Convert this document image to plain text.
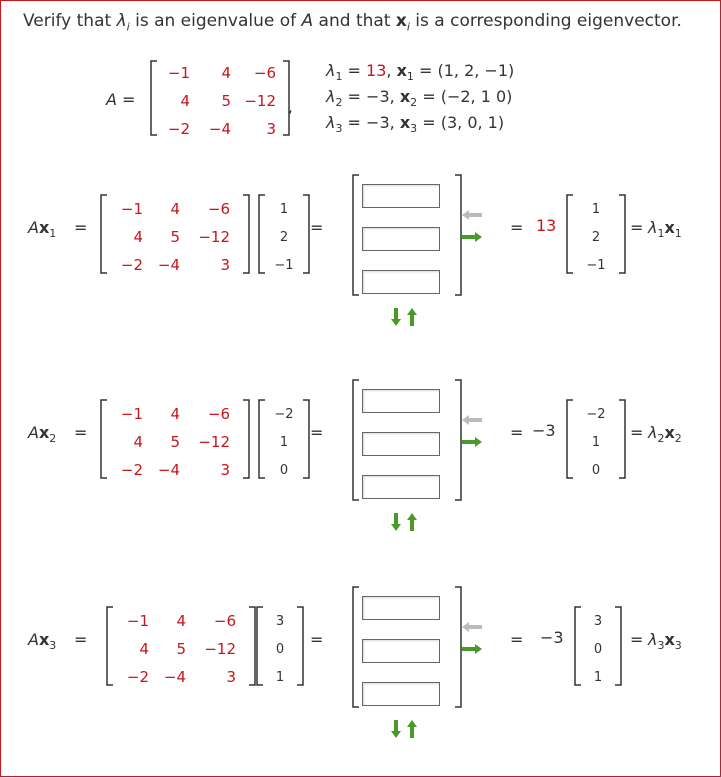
Verify that $\lambda_i$ is an eigenvalue of A and that $x_i$ is a corresponding eigenvector.
A =	,
−1	4	−6
4	5 −12
−2	−4	3
$\lambda_1 = 13$, $x_1 = (1$, 2, −1)
$\lambda_2 = -3$, $x_2 = (-2$, 1 0)
$\lambda_3 = -3$, $x_3 = (3$, 0, 1)
$Ax_1$ =
−1	4	−6
4	5 −12
−2 −4	3
1
2
−1
=	= 13
1
2
−1
= $\lambda_1x_1$
$Ax_2$ =
−1	4	−6
4	5 −12
−2 −4	3
−2
1
0
=	= −3
−2
1
0
= $\lambda_2x_2$
$Ax_3$ =
−1	4	−6
4	5 −12
−2 −4	3
3
0
1
=	= −3
3
0
1
= $\lambda_3x_3$
